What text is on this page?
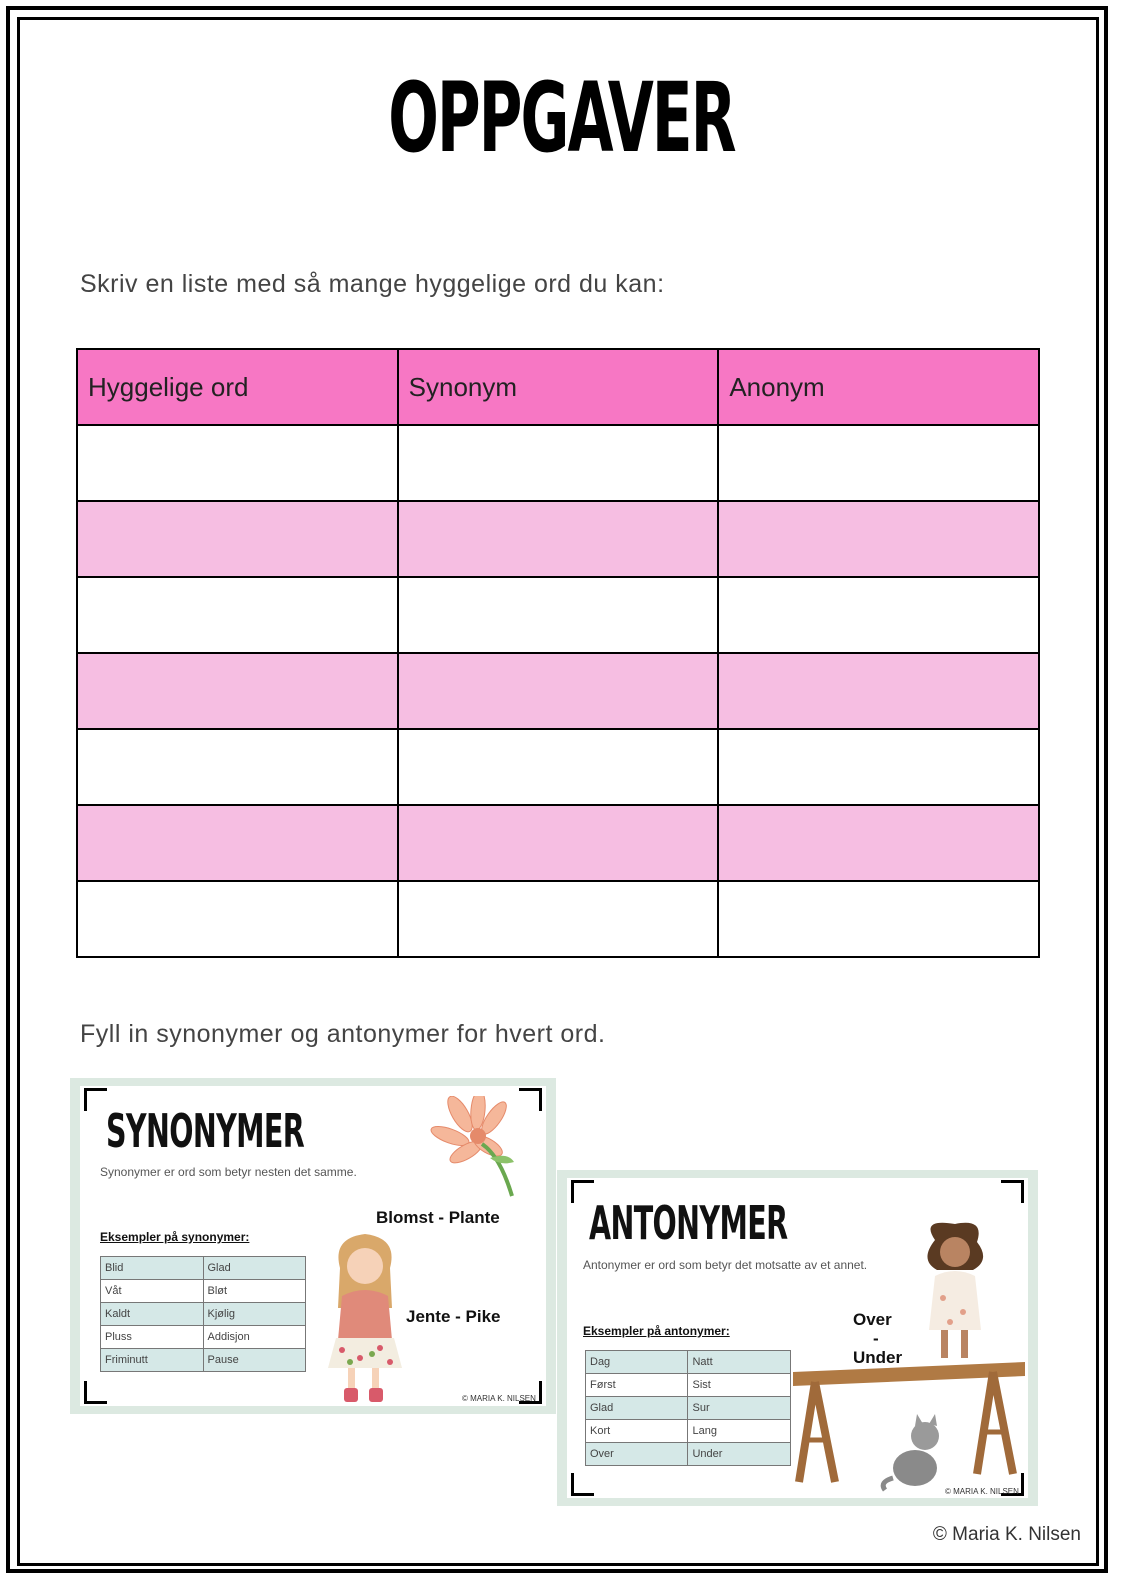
OPPGAVER
Skriv en liste med så mange hyggelige ord du kan:
Hyggelige ord	Synonym	Anonym

Fyll in synonymer og antonymer for hvert ord.
SYNONYMER
Synonymer er ord som betyr nesten det samme.
Eksempler på synonymer:
Blid	Glad
Våt	Bløt
Kaldt	Kjølig
Pluss	Addisjon
Friminutt	Pause
Blomst - Plante
Jente - Pike
© MARIA K. NILSEN
ANTONYMER
Antonymer er ord som betyr det motsatte av et annet.
Eksempler på antonymer:
Dag	Natt
Først	Sist
Glad	Sur
Kort	Lang
Over	Under
Over
-
Under
© MARIA K. NILSEN
© Maria K. Nilsen
